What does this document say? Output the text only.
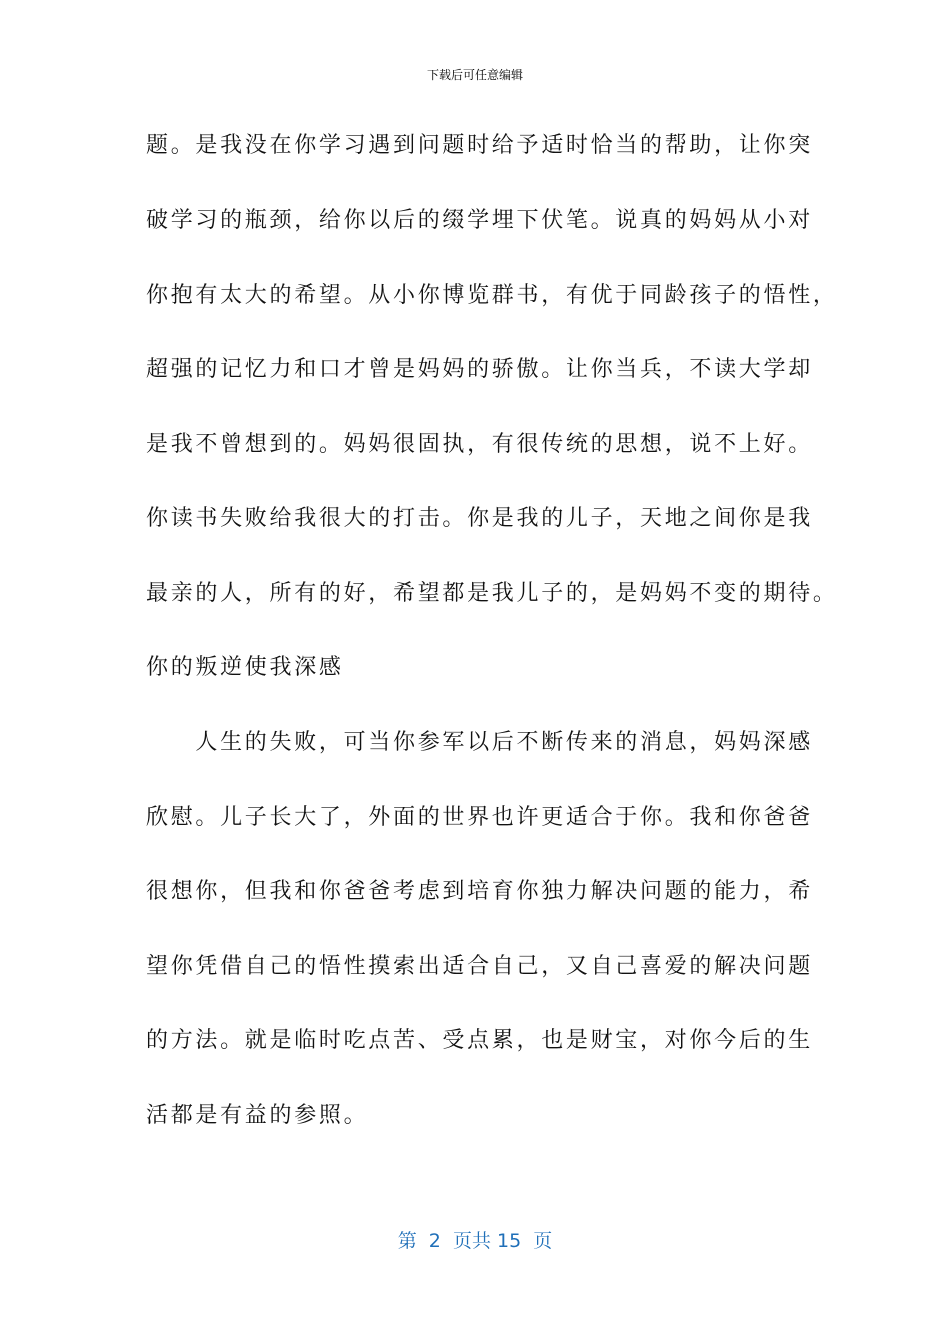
下载后可任意编辑
题。是我没在你学习遇到问题时给予适时恰当的帮助，让你突
破学习的瓶颈，给你以后的缀学埋下伏笔。说真的妈妈从小对
你抱有太大的希望。从小你博览群书，有优于同龄孩子的悟性，
超强的记忆力和口才曾是妈妈的骄傲。让你当兵，不读大学却
是我不曾想到的。妈妈很固执，有很传统的思想，说不上好。
你读书失败给我很大的打击。你是我的儿子，天地之间你是我
最亲的人，所有的好，希望都是我儿子的，是妈妈不变的期待。
你的叛逆使我深感
　　人生的失败，可当你参军以后不断传来的消息，妈妈深感
欣慰。儿子长大了，外面的世界也许更适合于你。我和你爸爸
很想你，但我和你爸爸考虑到培育你独力解决问题的能力，希
望你凭借自己的悟性摸索出适合自己，又自己喜爱的解决问题
的方法。就是临时吃点苦、受点累，也是财宝，对你今后的生
活都是有益的参照。
第  2  页共 15  页
